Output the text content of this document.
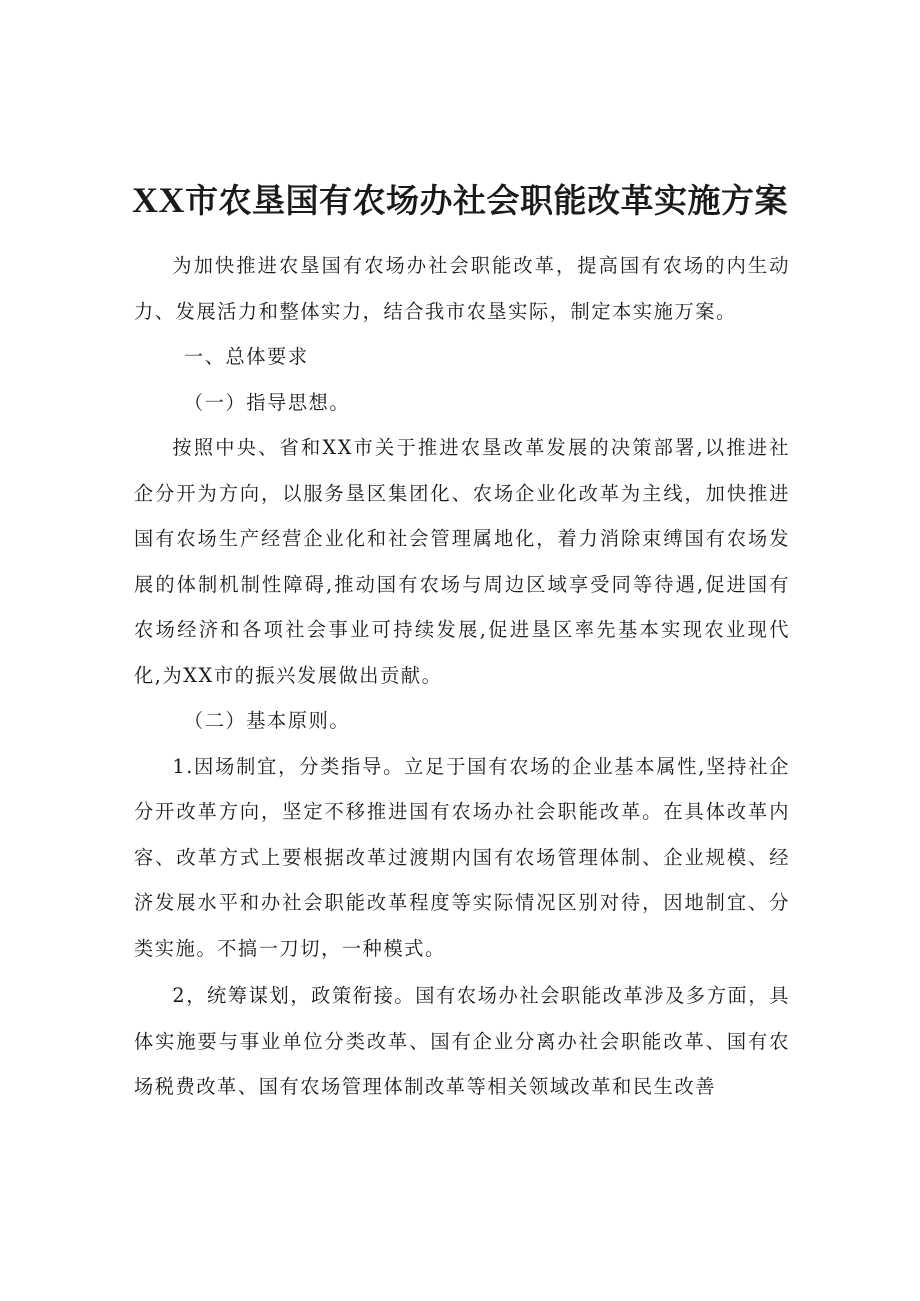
XX市农垦国有农场办社会职能改革实施方案

为加快推进农垦国有农场办社会职能改革，提高国有农场的内生动力、发展活力和整体实力，结合我市农垦实际，制定本实施万案。

一、总体要求

（一）指导思想。

按照中央、省和XX市关于推进农垦改革发展的决策部署,以推进社企分开为方向，以服务垦区集团化、农场企业化改革为主线，加快推进国有农场生产经营企业化和社会管理属地化，着力消除束缚国有农场发展的体制机制性障碍,推动国有农场与周边区域享受同等待遇,促进国有农场经济和各项社会事业可持续发展,促进垦区率先基本实现农业现代化,为XX市的振兴发展做出贡献。

（二）基本原则。

1.因场制宜，分类指导。立足于国有农场的企业基本属性,坚持社企分开改革方向，坚定不移推进国有农场办社会职能改革。在具体改革内容、改革方式上要根据改革过渡期内国有农场管理体制、企业规模、经济发展水平和办社会职能改革程度等实际情况区别对待，因地制宜、分类实施。不搞一刀切，一种模式。

2，统筹谋划，政策衔接。国有农场办社会职能改革涉及多方面，具体实施要与事业单位分类改革、国有企业分离办社会职能改革、国有农场税费改革、国有农场管理体制改革等相关领域改革和民生改善
